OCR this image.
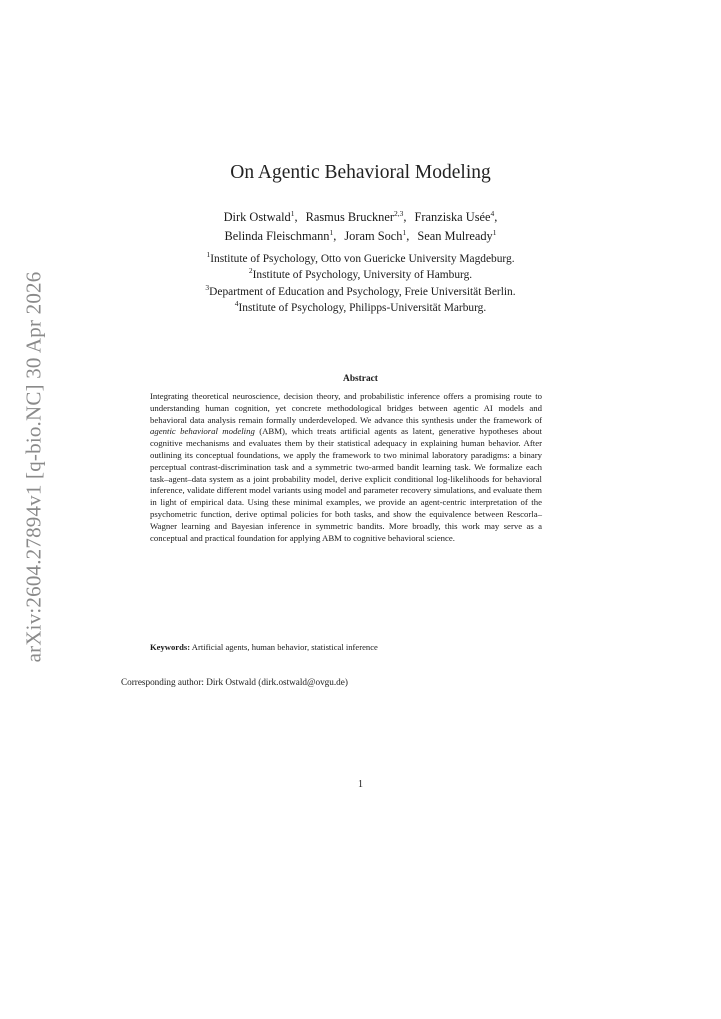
arXiv:2604.27894v1 [q-bio.NC] 30 Apr 2026
On Agentic Behavioral Modeling
Dirk Ostwald$^1$, Rasmus Bruckner$^{2,3}$, Franziska Usée$^4$,
Belinda Fleischmann$^1$, Joram Soch$^1$, Sean Mulready$^1$
$^1$Institute of Psychology, Otto von Guericke University Magdeburg.
$^2$Institute of Psychology, University of Hamburg.
$^3$Department of Education and Psychology, Freie Universität Berlin.
$^4$Institute of Psychology, Philipps-Universität Marburg.
Abstract
Integrating theoretical neuroscience, decision theory, and probabilistic inference offers a promising route to understanding human cognition, yet concrete methodological bridges between agentic AI models and behavioral data analysis remain formally underdeveloped. We advance this synthesis under the framework of agentic behavioral modeling (ABM), which treats artificial agents as latent, generative hypotheses about cognitive mechanisms and evaluates them by their statistical adequacy in explaining human behavior. After outlining its conceptual foundations, we apply the framework to two minimal laboratory paradigms: a binary perceptual contrast-discrimination task and a symmetric two-armed bandit learning task. We formalize each task–agent–data system as a joint probability model, derive explicit conditional log-likelihoods for behavioral inference, validate different model variants using model and parameter recovery simulations, and evaluate them in light of empirical data. Using these minimal examples, we provide an agent-centric interpretation of the psychometric function, derive optimal policies for both tasks, and show the equivalence between Rescorla–Wagner learning and Bayesian inference in symmetric bandits. More broadly, this work may serve as a conceptual and practical foundation for applying ABM to cognitive behavioral science.
Keywords: Artificial agents, human behavior, statistical inference
Corresponding author: Dirk Ostwald (dirk.ostwald@ovgu.de)
1
